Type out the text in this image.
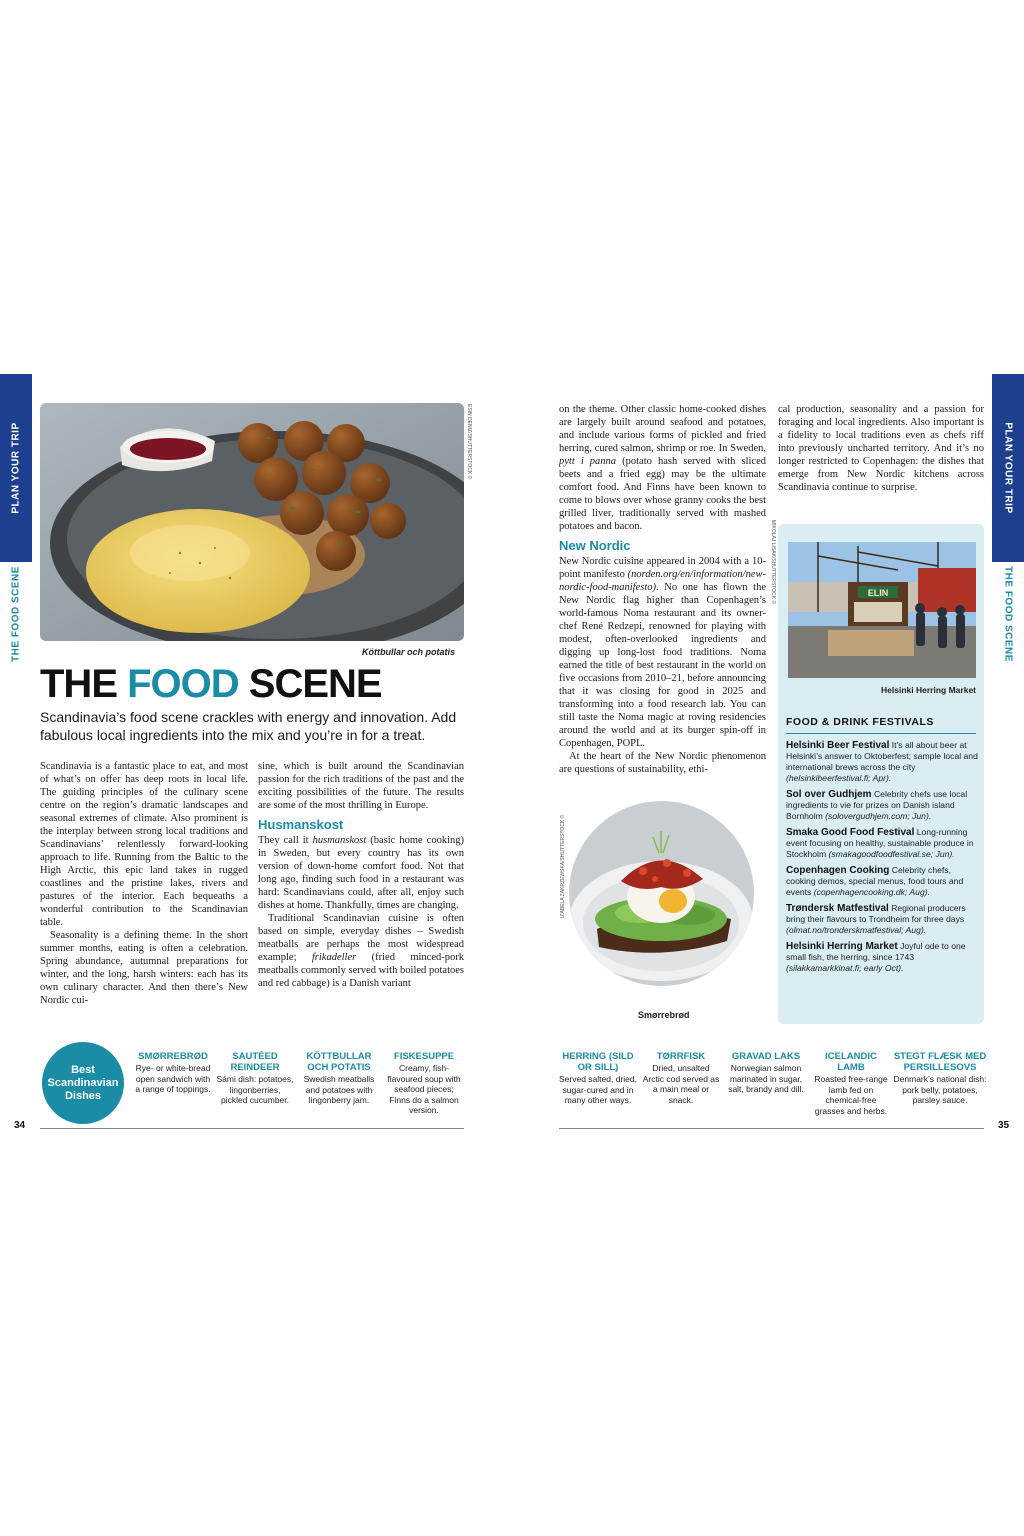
PLAN YOUR TRIP
THE FOOD SCENE
PLAN YOUR TRIP
THE FOOD SCENE
ESIN DENIZ/SHUTTERSTOCK ©
Köttbullar och potatis
THE FOOD SCENE
Scandinavia’s food scene crackles with energy and innovation. Add fabulous local ingredients into the mix and you’re in for a treat.

Scandinavia is a fantastic place to eat, and most of what’s on offer has deep roots in local life. The guiding principles of the culinary scene centre on the region’s dramatic landscapes and seasonal extremes of climate. Also prominent is the interplay between strong local traditions and Scandinavians’ relentlessly forward-looking approach to life. Running from the Baltic to the High Arctic, this epic land takes in rugged coastlines and the pristine lakes, rivers and pastures of the interior. Each bequeaths a wonderful contribution to the Scandinavian table.

Seasonality is a defining theme. In the short summer months, eating is often a celebration. Spring abundance, autumnal preparations for winter, and the long, harsh winters: each has its own culinary character. And then there’s New Nordic cui-

sine, which is built around the Scandinavian passion for the rich traditions of the past and the exciting possibilities of the future. The results are some of the most thrilling in Europe.

Husmanskost

They call it husmanskost (basic home cooking) in Sweden, but every country has its own version of down-home comfort food. Not that long ago, finding such food in a restaurant was hard: Scandinavians could, after all, enjoy such dishes at home. Thankfully, times are changing.

Traditional Scandinavian cuisine is often based on simple, everyday dishes – Swedish meatballs are perhaps the most widespread example; frikadeller (fried minced-pork meatballs commonly served with boiled potatoes and red cabbage) is a Danish variant

Best Scandinavian Dishes
SMØRREBRØD
Rye- or white-bread open sandwich with a range of toppings.
SAUTÉED REINDEER
Sámi dish: potatoes, lingonberries, pickled cucumber.
KÖTTBULLAR OCH POTATIS
Swedish meatballs and potatoes with lingonberry jam.
FISKESUPPE
Creamy, fish-flavoured soup with seafood pieces; Finns do a salmon version.
34

on the theme. Other classic home-cooked dishes are largely built around seafood and potatoes, and include various forms of pickled and fried herring, cured salmon, shrimp or roe. In Sweden, pytt i panna (potato hash served with sliced beets and a fried egg) may be the ultimate comfort food. And Finns have been known to come to blows over whose granny cooks the best grilled liver, traditionally served with mashed potatoes and bacon.

New Nordic

New Nordic cuisine appeared in 2004 with a 10-point manifesto (norden.org/en/information/new-nordic-food-manifesto). No one has flown the New Nordic flag higher than Copenhagen’s world-famous Noma restaurant and its owner-chef René Redzepi, renowned for playing with modest, often-overlooked ingredients and digging up long-lost food traditions. Noma earned the title of best restaurant in the world on five occasions from 2010–21, before announcing that it was closing for good in 2025 and transforming into a food research lab. You can still taste the Noma magic at roving residencies around the world and at its burger spin-off in Copenhagen, POPL.

At the heart of the New Nordic phenomenon are questions of sustainability, ethi-

cal production, seasonality and a passion for foraging and local ingredients. Also important is a fidelity to local traditions even as chefs riff into previously uncharted territory. And it’s no longer restricted to Copenhagen: the dishes that emerge from New Nordic kitchens across Scandinavia continue to surprise.

ELIN
Helsinki Herring Market
FOOD & DRINK FESTIVALS
Helsinki Beer Festival It’s all about beer at Helsinki’s answer to Oktoberfest; sample local and international brews across the city (helsinkibeerfestival.fi; Apr).
Sol over Gudhjem Celebrity chefs use local ingredients to vie for prizes on Danish island Bornholm (solovergudhjem.com; Jun).
Smaka Good Food Festival Long-running event focusing on healthy, sustainable produce in Stockholm (smakagoodfoodfestival.se; Jun).
Copenhagen Cooking Celebrity chefs, cooking demos, special menus, food tours and events (copenhagencooking.dk; Aug).
Trøndersk Matfestival Regional producers bring their flavours to Trondheim for three days (olmat.no/tronderskmatfestival; Aug).
Helsinki Herring Market Joyful ode to one small fish, the herring, since 1743 (silakkamarkkinat.fi; early Oct).
MIKOLAJ LISAK/SHUTTERSTOCK ©
IZABELA ZAKRZEWSKA/SHUTTERSTOCK ©
Smørrebrød
HERRING (SILD OR SILL)
Served salted, dried, sugar-cured and in many other ways.
TØRRFISK
Dried, unsalted Arctic cod served as a main meal or snack.
GRAVAD LAKS
Norwegian salmon marinated in sugar, salt, brandy and dill.
ICELANDIC LAMB
Roasted free-range lamb fed on chemical-free grasses and herbs.
STEGT FLÆSK MED PERSILLESOVS
Denmark’s national dish: pork belly, potatoes, parsley sauce.
35
